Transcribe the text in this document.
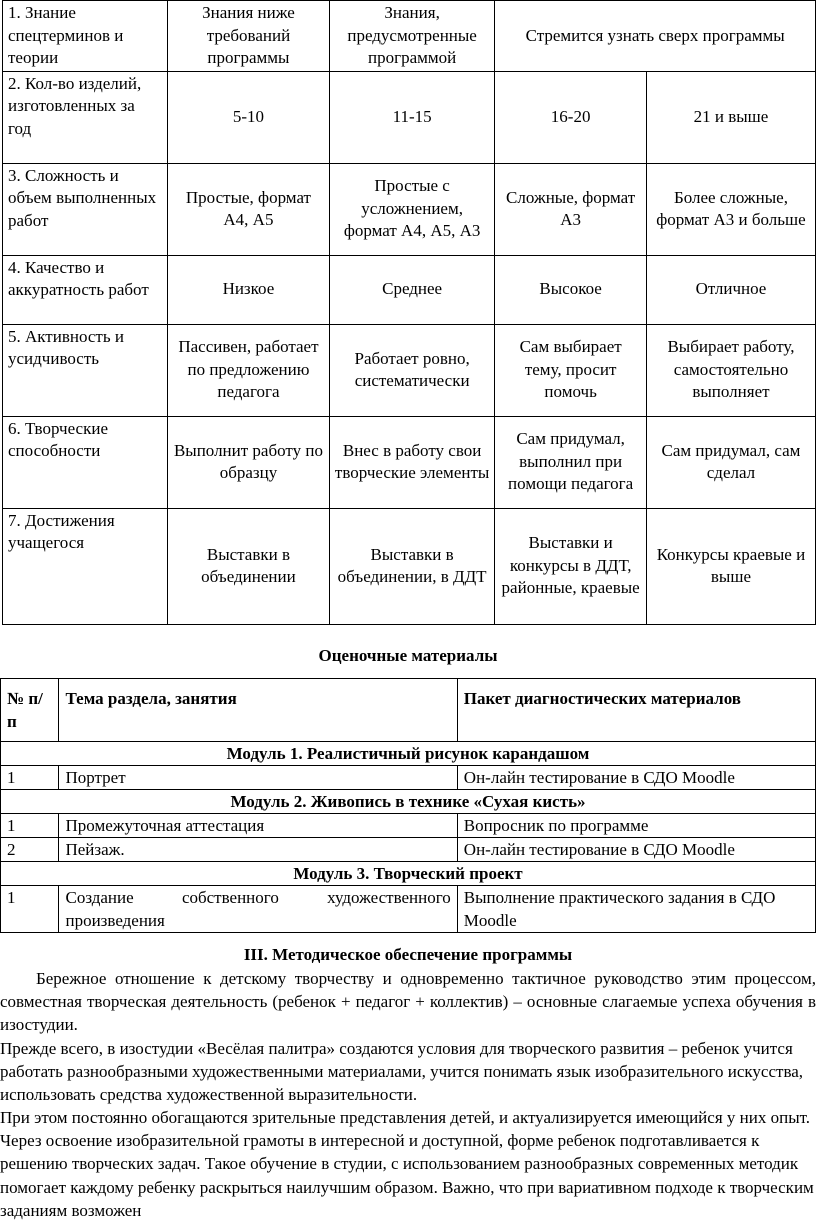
1. Знание спецтерминов и теории	Знания ниже требований программы	Знания, предусмотренные программой	Стремится узнать сверх программы	
2. Кол-во изделий, изготовленных за год	5-10	11-15	16-20	21 и выше
3. Сложность и объем выполненных работ	Простые, формат А4, А5	Простые с усложнением, формат А4, А5, А3	Сложные, формат А3	Более сложные, формат А3 и больше
4. Качество и аккуратность работ	Низкое	Среднее	Высокое	Отличное
5. Активность и усидчивость	Пассивен, работает по предложению педагога	Работает ровно, систематически	Сам выбирает тему, просит помочь	Выбирает работу, самостоятельно выполняет
6. Творческие способности	Выполнит работу по образцу	Внес в работу свои творческие элементы	Сам придумал, выполнил при помощи педагога	Сам придумал, сам сделал
7. Достижения учащегося	Выставки в объединении	Выставки в объединении, в ДДТ	Выставки и конкурсы в ДДТ, районные, краевые	Конкурсы краевые и выше
Оценочные материалы
№ п/п	Тема раздела, занятия	Пакет диагностических материалов
Модуль 1. Реалистичный рисунок карандашом		
1	Портрет	Он-лайн тестирование в СДО Moodle
Модуль 2. Живопись в технике «Сухая кисть»		
1	Промежуточная аттестация	Вопросник по программе
2	Пейзаж.	Он-лайн тестирование в СДО Moodle
Модуль 3. Творческий проект		
1	Создание собственного художественного произведения	Выполнение практического задания в СДО Moodle
III. Методическое обеспечение программы
Бережное отношение к детскому творчеству и одновременно тактичное руководство этим процессом, совместная творческая деятельность (ребенок + педагог + коллектив) – основные слагаемые успеха обучения в изостудии.
Прежде всего, в изостудии «Весёлая палитра» создаются условия для творческого развития – ребенок учится работать разнообразными художественными материалами, учится понимать язык изобразительного искусства, использовать средства художественной выразительности.
При этом постоянно обогащаются зрительные представления детей, и актуализируется имеющийся у них опыт. Через освоение изобразительной грамоты в интересной и доступной, форме ребенок подготавливается к решению творческих задач. Такое обучение в студии, с использованием разнообразных современных методик помогает каждому ребенку раскрыться наилучшим образом. Важно, что при вариативном подходе к творческим заданиям возможен
